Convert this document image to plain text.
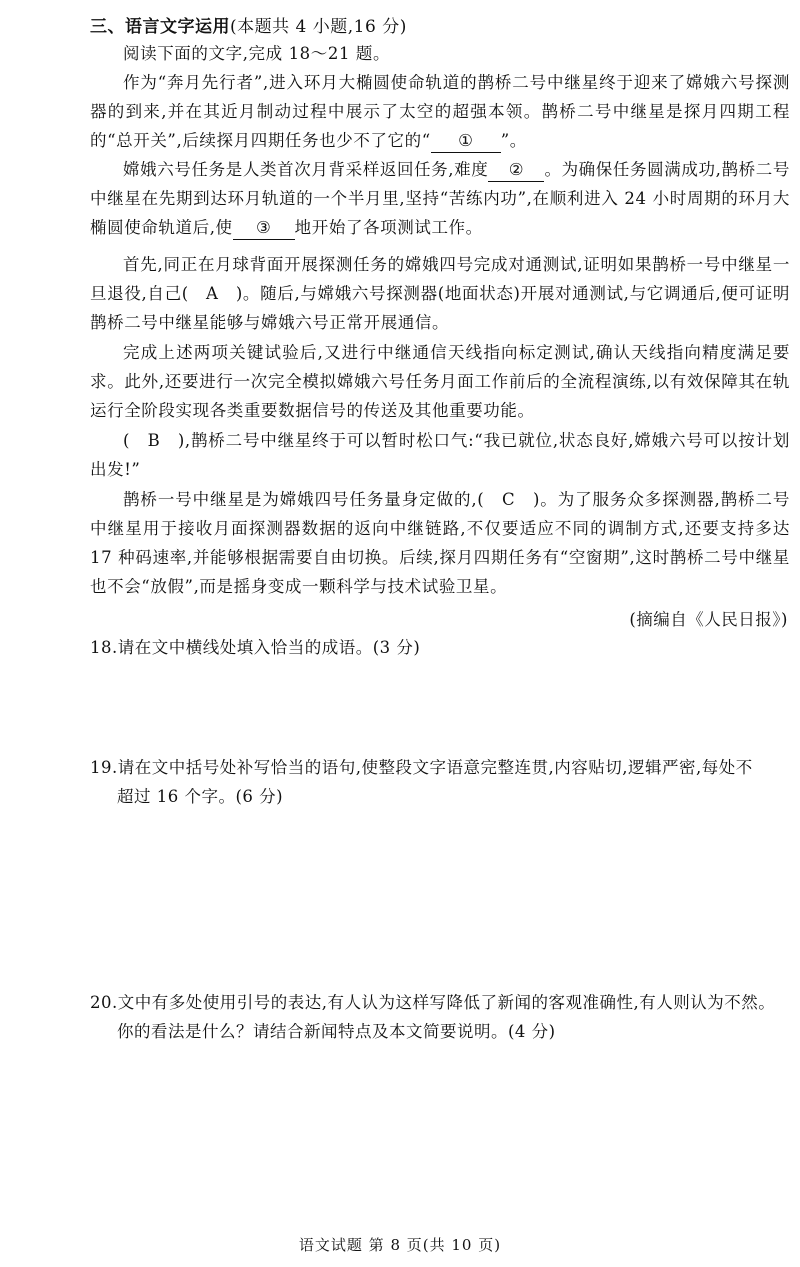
三、语言文字运用(本题共 4 小题,16 分)
阅读下面的文字,完成 18～21 题。
作为“奔月先行者”,进入环月大椭圆使命轨道的鹊桥二号中继星终于迎来了嫦娥六号探测器的到来,并在其近月制动过程中展示了太空的超强本领。鹊桥二号中继星是探月四期工程的“总开关”,后续探月四期任务也少不了它的“ ① ”。
嫦娥六号任务是人类首次月背采样返回任务,难度 ② 。为确保任务圆满成功,鹊桥二号中继星在先期到达环月轨道的一个半月里,坚持“苦练内功”,在顺利进入 24 小时周期的环月大椭圆使命轨道后,使 ③ 地开始了各项测试工作。
首先,同正在月球背面开展探测任务的嫦娥四号完成对通测试,证明如果鹊桥一号中继星一旦退役,自己(　A　)。随后,与嫦娥六号探测器(地面状态)开展对通测试,与它调通后,便可证明鹊桥二号中继星能够与嫦娥六号正常开展通信。
完成上述两项关键试验后,又进行中继通信天线指向标定测试,确认天线指向精度满足要求。此外,还要进行一次完全模拟嫦娥六号任务月面工作前后的全流程演练,以有效保障其在轨运行全阶段实现各类重要数据信号的传送及其他重要功能。
(　B　),鹊桥二号中继星终于可以暂时松口气:“我已就位,状态良好,嫦娥六号可以按计划出发!”
鹊桥一号中继星是为嫦娥四号任务量身定做的,(　C　)。为了服务众多探测器,鹊桥二号中继星用于接收月面探测器数据的返向中继链路,不仅要适应不同的调制方式,还要支持多达 17 种码速率,并能够根据需要自由切换。后续,探月四期任务有“空窗期”,这时鹊桥二号中继星也不会“放假”,而是摇身变成一颗科学与技术试验卫星。
(摘编自《人民日报》)
18.请在文中横线处填入恰当的成语。(3 分)
19.请在文中括号处补写恰当的语句,使整段文字语意完整连贯,内容贴切,逻辑严密,每处不
超过 16 个字。(6 分)
20.文中有多处使用引号的表达,有人认为这样写降低了新闻的客观准确性,有人则认为不然。
你的看法是什么？请结合新闻特点及本文简要说明。(4 分)
语文试题 第 8 页(共 10 页)
